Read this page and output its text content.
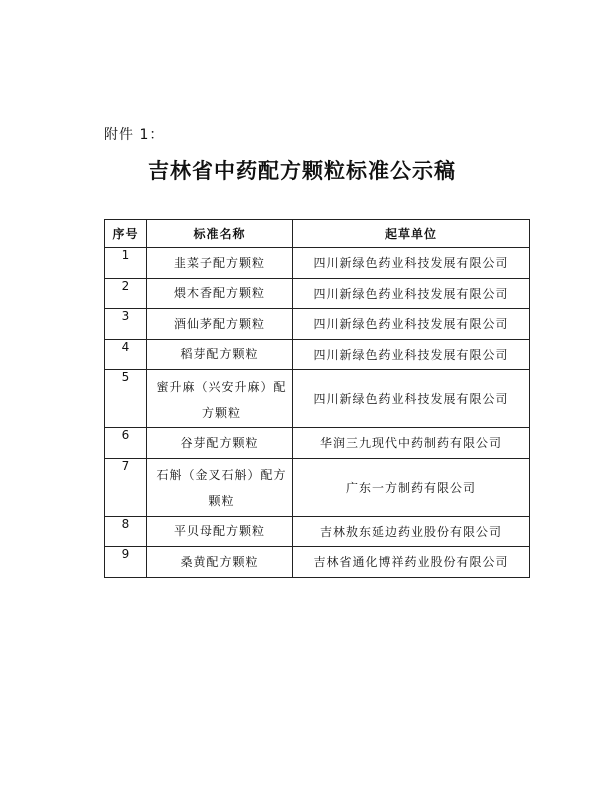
附件 1：
吉林省中药配方颗粒标准公示稿
序号	标准名称	起草单位
1	韭菜子配方颗粒	四川新绿色药业科技发展有限公司
2	煨木香配方颗粒	四川新绿色药业科技发展有限公司
3	酒仙茅配方颗粒	四川新绿色药业科技发展有限公司
4	稻芽配方颗粒	四川新绿色药业科技发展有限公司
5	蜜升麻（兴安升麻）配方颗粒	四川新绿色药业科技发展有限公司
6	谷芽配方颗粒	华润三九现代中药制药有限公司
7	石斛（金叉石斛）配方颗粒	广东一方制药有限公司
8	平贝母配方颗粒	吉林敖东延边药业股份有限公司
9	桑黄配方颗粒	吉林省通化博祥药业股份有限公司
